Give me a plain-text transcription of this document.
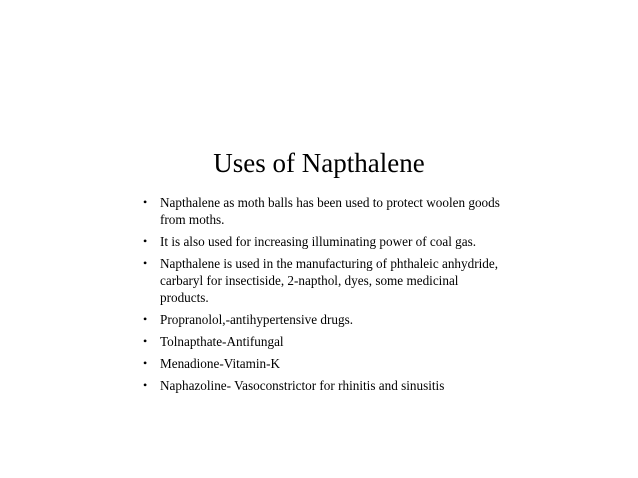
Uses of Napthalene
• Napthalene as moth balls has been used to protect woolen goods from moths.
• It is also used for increasing illuminating power of coal gas.
• Napthalene is used in the manufacturing of phthaleic anhydride, carbaryl for insectiside, 2-napthol, dyes, some medicinal products.
• Propranolol,-antihypertensive drugs.
• Tolnapthate-Antifungal
• Menadione-Vitamin-K
• Naphazoline- Vasoconstrictor for rhinitis and sinusitis
